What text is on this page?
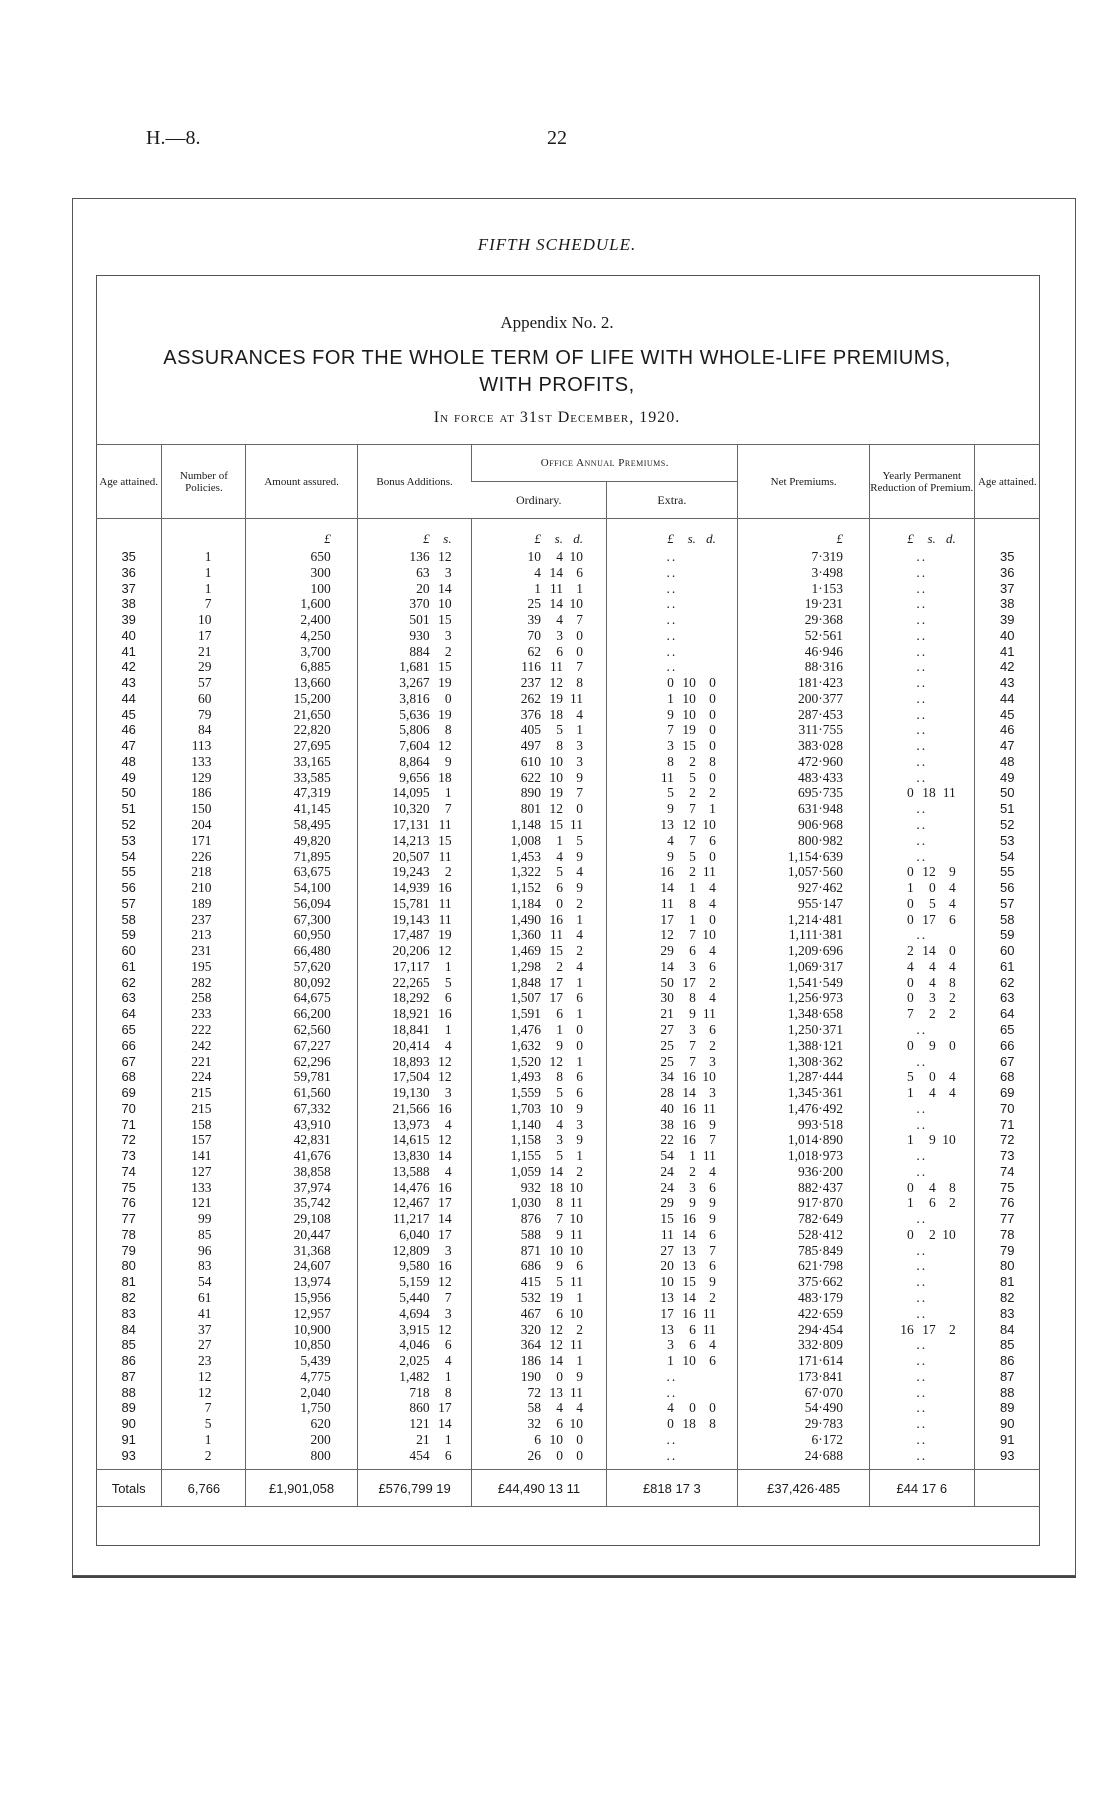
H.—8.	22
FIFTH SCHEDULE.
Appendix No. 2.
ASSURANCES FOR THE WHOLE TERM OF LIFE WITH WHOLE-LIFE PREMIUMS,
WITH PROFITS,
In force at 31st December, 1920.
Age attained.	Number of Policies.	Amount assured.	Bonus Additions.	Office Annual Premiums.		Net Premiums.	Yearly Permanent Reduction of Premium.	Age attained.
				Ordinary.	Extra.			
		£	£ s.	£ s. d.	£ s. d.	£	£ s. d.	
35	1	650	136 12	10 4 10	..	7·319	..	35
36	1	300	63 3	4 14 6	..	3·498	..	36
37	1	100	20 14	1 11 1	..	1·153	..	37
38	7	1,600	370 10	25 14 10	..	19·231	..	38
39	10	2,400	501 15	39 4 7	..	29·368	..	39
40	17	4,250	930 3	70 3 0	..	52·561	..	40
41	21	3,700	884 2	62 6 0	..	46·946	..	41
42	29	6,885	1,681 15	116 11 7	..	88·316	..	42
43	57	13,660	3,267 19	237 12 8	0 10 0	181·423	..	43
44	60	15,200	3,816 0	262 19 11	1 10 0	200·377	..	44
45	79	21,650	5,636 19	376 18 4	9 10 0	287·453	..	45
46	84	22,820	5,806 8	405 5 1	7 19 0	311·755	..	46
47	113	27,695	7,604 12	497 8 3	3 15 0	383·028	..	47
48	133	33,165	8,864 9	610 10 3	8 2 8	472·960	..	48
49	129	33,585	9,656 18	622 10 9	11 5 0	483·433	..	49
50	186	47,319	14,095 1	890 19 7	5 2 2	695·735	0 18 11	50
51	150	41,145	10,320 7	801 12 0	9 7 1	631·948	..	51
52	204	58,495	17,131 11	1,148 15 11	13 12 10	906·968	..	52
53	171	49,820	14,213 15	1,008 1 5	4 7 6	800·982	..	53
54	226	71,895	20,507 11	1,453 4 9	9 5 0	1,154·639	..	54
55	218	63,675	19,243 2	1,322 5 4	16 2 11	1,057·560	0 12 9	55
56	210	54,100	14,939 16	1,152 6 9	14 1 4	927·462	1 0 4	56
57	189	56,094	15,781 11	1,184 0 2	11 8 4	955·147	0 5 4	57
58	237	67,300	19,143 11	1,490 16 1	17 1 0	1,214·481	0 17 6	58
59	213	60,950	17,487 19	1,360 11 4	12 7 10	1,111·381	..	59
60	231	66,480	20,206 12	1,469 15 2	29 6 4	1,209·696	2 14 0	60
61	195	57,620	17,117 1	1,298 2 4	14 3 6	1,069·317	4 4 4	61
62	282	80,092	22,265 5	1,848 17 1	50 17 2	1,541·549	0 4 8	62
63	258	64,675	18,292 6	1,507 17 6	30 8 4	1,256·973	0 3 2	63
64	233	66,200	18,921 16	1,591 6 1	21 9 11	1,348·658	7 2 2	64
65	222	62,560	18,841 1	1,476 1 0	27 3 6	1,250·371	..	65
66	242	67,227	20,414 4	1,632 9 0	25 7 2	1,388·121	0 9 0	66
67	221	62,296	18,893 12	1,520 12 1	25 7 3	1,308·362	..	67
68	224	59,781	17,504 12	1,493 8 6	34 16 10	1,287·444	5 0 4	68
69	215	61,560	19,130 3	1,559 5 6	28 14 3	1,345·361	1 4 4	69
70	215	67,332	21,566 16	1,703 10 9	40 16 11	1,476·492	..	70
71	158	43,910	13,973 4	1,140 4 3	38 16 9	993·518	..	71
72	157	42,831	14,615 12	1,158 3 9	22 16 7	1,014·890	1 9 10	72
73	141	41,676	13,830 14	1,155 5 1	54 1 11	1,018·973	..	73
74	127	38,858	13,588 4	1,059 14 2	24 2 4	936·200	..	74
75	133	37,974	14,476 16	932 18 10	24 3 6	882·437	0 4 8	75
76	121	35,742	12,467 17	1,030 8 11	29 9 9	917·870	1 6 2	76
77	99	29,108	11,217 14	876 7 10	15 16 9	782·649	..	77
78	85	20,447	6,040 17	588 9 11	11 14 6	528·412	0 2 10	78
79	96	31,368	12,809 3	871 10 10	27 13 7	785·849	..	79
80	83	24,607	9,580 16	686 9 6	20 13 6	621·798	..	80
81	54	13,974	5,159 12	415 5 11	10 15 9	375·662	..	81
82	61	15,956	5,440 7	532 19 1	13 14 2	483·179	..	82
83	41	12,957	4,694 3	467 6 10	17 16 11	422·659	..	83
84	37	10,900	3,915 12	320 12 2	13 6 11	294·454	16 17 2	84
85	27	10,850	4,046 6	364 12 11	3 6 4	332·809	..	85
86	23	5,439	2,025 4	186 14 1	1 10 6	171·614	..	86
87	12	4,775	1,482 1	190 0 9	..	173·841	..	87
88	12	2,040	718 8	72 13 11	..	67·070	..	88
89	7	1,750	860 17	58 4 4	4 0 0	54·490	..	89
90	5	620	121 14	32 6 10	0 18 8	29·783	..	90
91	1	200	21 1	6 10 0	..	6·172	..	91
93	2	800	454 6	26 0 0	..	24·688	..	93

Totals	6,766	£1,901,058	£576,799 19	£44,490 13 11	£818 17 3	£37,426·485	£44 17 6	
